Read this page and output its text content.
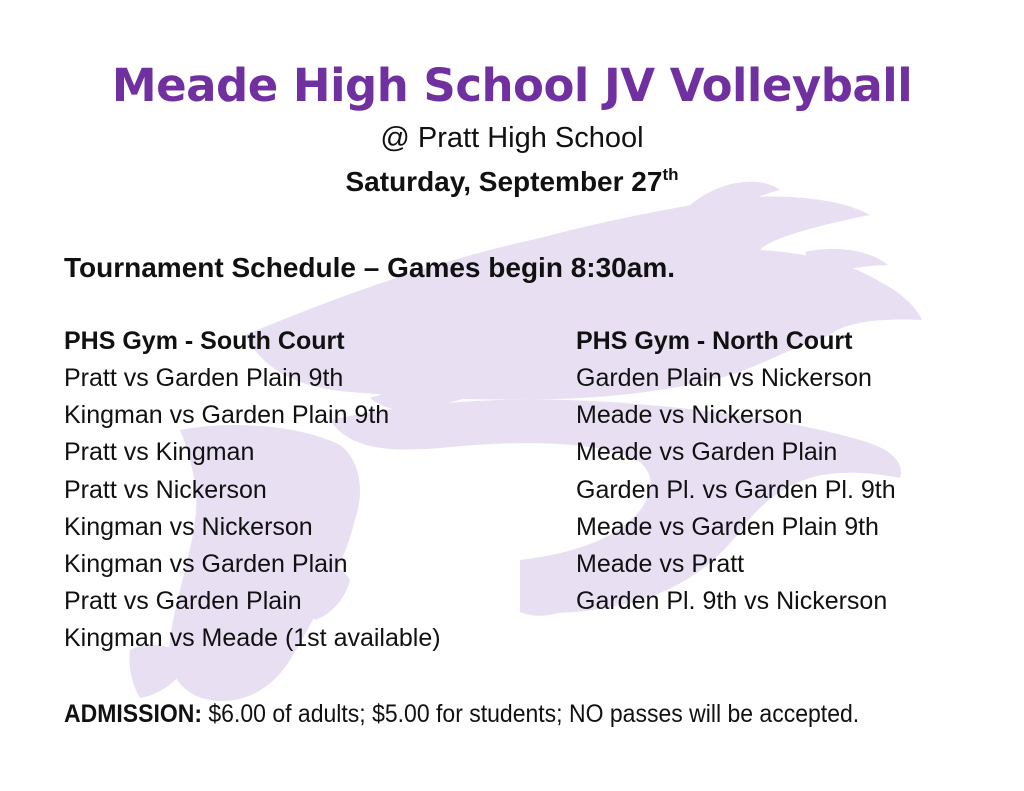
Meade High School JV Volleyball
@ Pratt High School
Saturday, September 27th
Tournament Schedule – Games begin 8:30am.
PHS Gym - South Court
Pratt vs Garden Plain 9th
Kingman vs Garden Plain 9th
Pratt vs Kingman
Pratt vs Nickerson
Kingman vs Nickerson
Kingman vs Garden Plain
Pratt vs Garden Plain
Kingman vs Meade (1st available)
PHS Gym - North Court
Garden Plain vs Nickerson
Meade vs Nickerson
Meade vs Garden Plain
Garden Pl. vs Garden Pl. 9th
Meade vs Garden Plain 9th
Meade vs Pratt
Garden Pl. 9th vs Nickerson
ADMISSION: $6.00 of adults; $5.00 for students; NO passes will be accepted.
